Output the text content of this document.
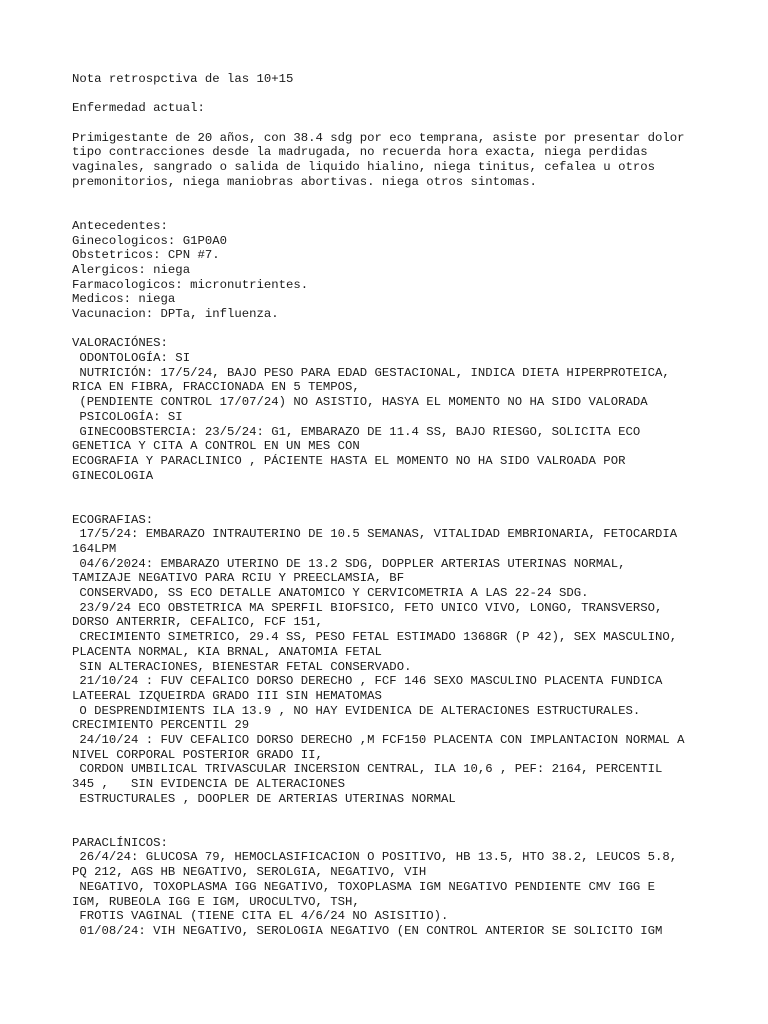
Nota retrospctiva de las 10+15
Enfermedad actual:
Primigestante de 20 años, con 38.4 sdg por eco temprana, asiste por presentar dolor
tipo contracciones desde la madrugada, no recuerda hora exacta, niega perdidas
vaginales, sangrado o salida de liquido hialino, niega tinitus, cefalea u otros
premonitorios, niega maniobras abortivas. niega otros sintomas.
Antecedentes:
Ginecologicos: G1P0A0
Obstetricos: CPN #7.
Alergicos: niega
Farmacologicos: micronutrientes.
Medicos: niega
Vacunacion: DPTa, influenza.
VALORACIÓNES:
ODONTOLOGÍA: SI
NUTRICIÓN: 17/5/24, BAJO PESO PARA EDAD GESTACIONAL, INDICA DIETA HIPERPROTEICA,
RICA EN FIBRA, FRACCIONADA EN 5 TEMPOS,
(PENDIENTE CONTROL 17/07/24) NO ASISTIO, HASYA EL MOMENTO NO HA SIDO VALORADA
PSICOLOGÍA: SI
GINECOOBSTERCIA: 23/5/24: G1, EMBARAZO DE 11.4 SS, BAJO RIESGO, SOLICITA ECO
GENETICA Y CITA A CONTROL EN UN MES CON
ECOGRAFIA Y PARACLINICO , PÁCIENTE HASTA EL MOMENTO NO HA SIDO VALROADA POR
GINECOLOGIA
ECOGRAFIAS:
17/5/24: EMBARAZO INTRAUTERINO DE 10.5 SEMANAS, VITALIDAD EMBRIONARIA, FETOCARDIA
164LPM
04/6/2024: EMBARAZO UTERINO DE 13.2 SDG, DOPPLER ARTERIAS UTERINAS NORMAL,
TAMIZAJE NEGATIVO PARA RCIU Y PREECLAMSIA, BF
CONSERVADO, SS ECO DETALLE ANATOMICO Y CERVICOMETRIA A LAS 22-24 SDG.
23/9/24 ECO OBSTETRICA MA SPERFIL BIOFSICO, FETO UNICO VIVO, LONGO, TRANSVERSO,
DORSO ANTERRIR, CEFALICO, FCF 151,
CRECIMIENTO SIMETRICO, 29.4 SS, PESO FETAL ESTIMADO 1368GR (P 42), SEX MASCULINO,
PLACENTA NORMAL, KIA BRNAL, ANATOMIA FETAL
SIN ALTERACIONES, BIENESTAR FETAL CONSERVADO.
21/10/24 : FUV CEFALICO DORSO DERECHO , FCF 146 SEXO MASCULINO PLACENTA FUNDICA
LATEERAL IZQUEIRDA GRADO III SIN HEMATOMAS
O DESPRENDIMIENTS ILA 13.9 , NO HAY EVIDENICA DE ALTERACIONES ESTRUCTURALES.
CRECIMIENTO PERCENTIL 29
24/10/24 : FUV CEFALICO DORSO DERECHO ,M FCF150 PLACENTA CON IMPLANTACION NORMAL A
NIVEL CORPORAL POSTERIOR GRADO II,
CORDON UMBILICAL TRIVASCULAR INCERSION CENTRAL, ILA 10,6 , PEF: 2164, PERCENTIL
345 ,   SIN EVIDENCIA DE ALTERACIONES
ESTRUCTURALES , DOOPLER DE ARTERIAS UTERINAS NORMAL
PARACLÍNICOS:
26/4/24: GLUCOSA 79, HEMOCLASIFICACION O POSITIVO, HB 13.5, HTO 38.2, LEUCOS 5.8,
PQ 212, AGS HB NEGATIVO, SEROLGIA, NEGATIVO, VIH
NEGATIVO, TOXOPLASMA IGG NEGATIVO, TOXOPLASMA IGM NEGATIVO PENDIENTE CMV IGG E
IGM, RUBEOLA IGG E IGM, UROCULTVO, TSH,
FROTIS VAGINAL (TIENE CITA EL 4/6/24 NO ASISITIO).
01/08/24: VIH NEGATIVO, SEROLOGIA NEGATIVO (EN CONTROL ANTERIOR SE SOLICITO IGM
